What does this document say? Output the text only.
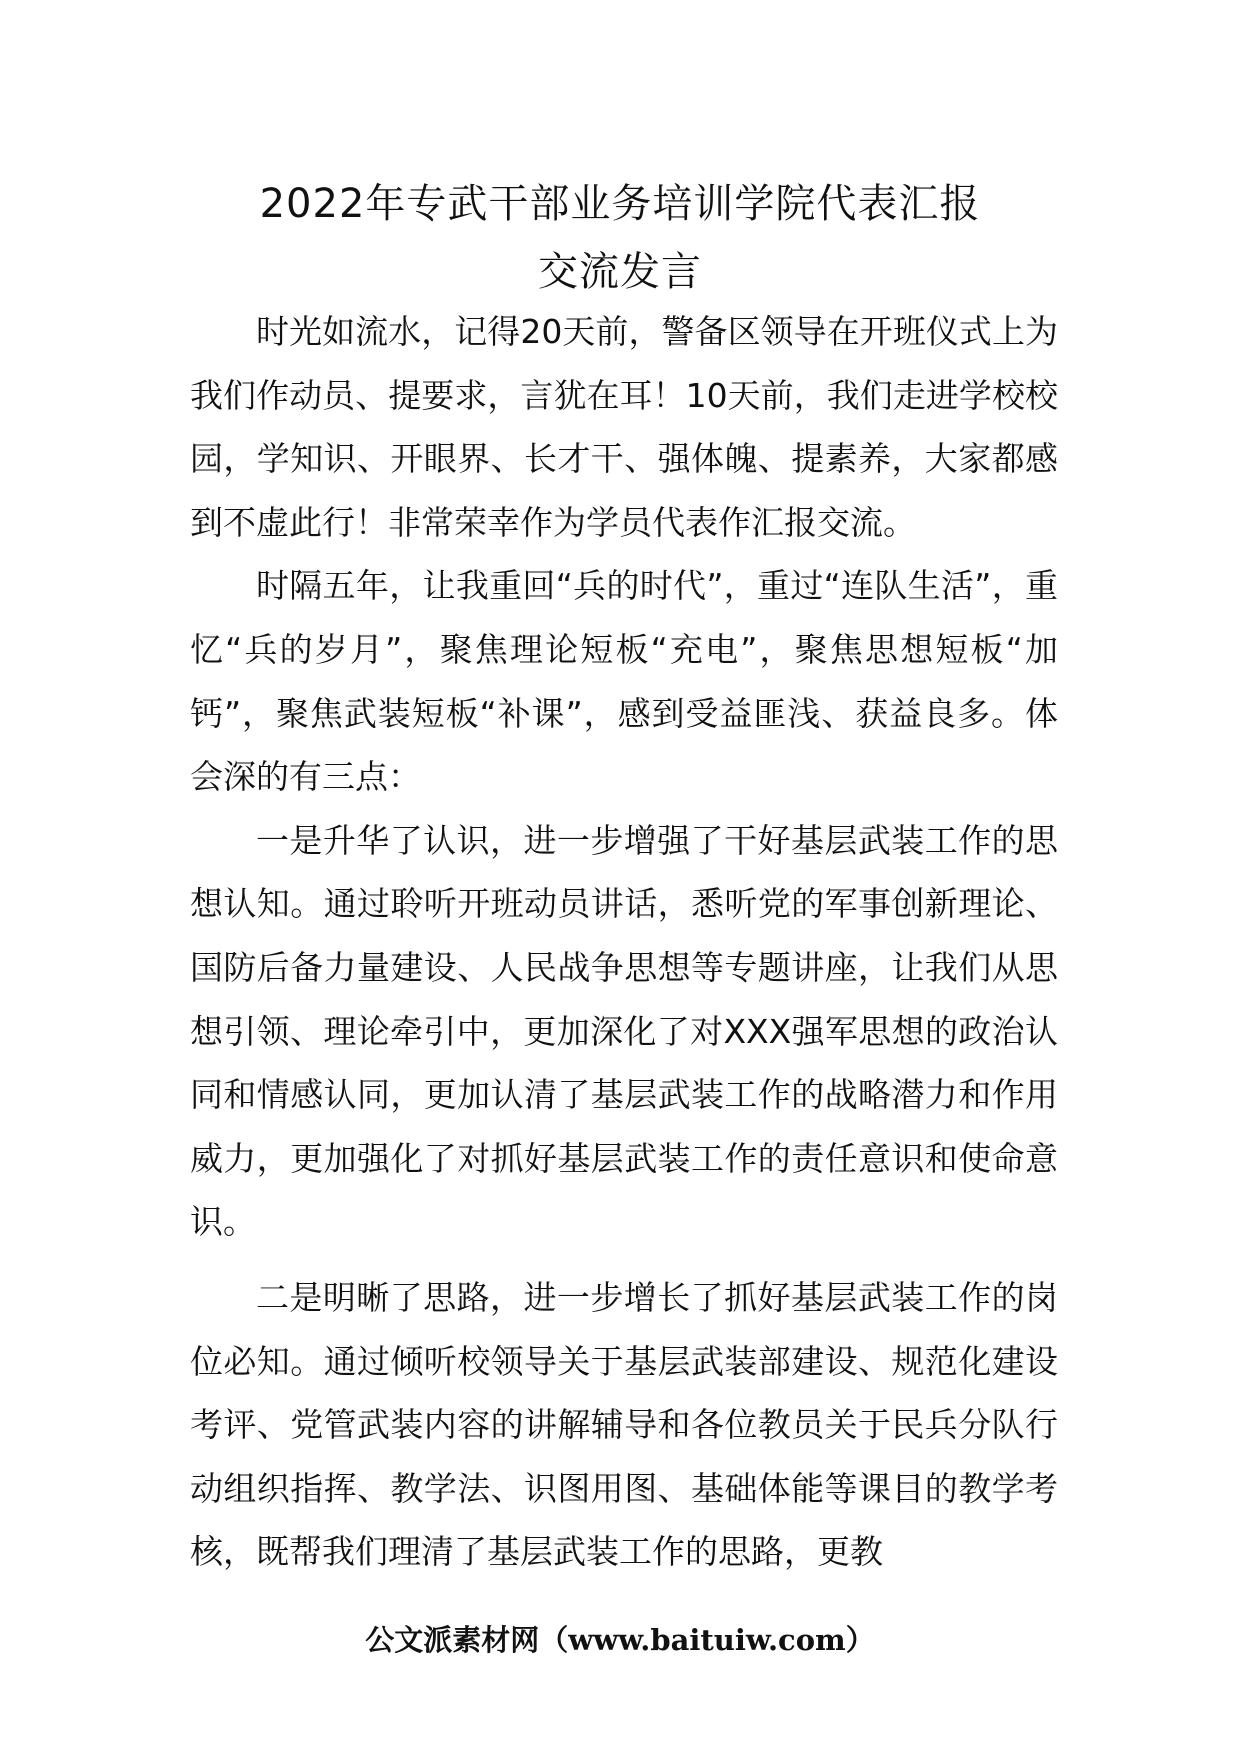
2022年专武干部业务培训学院代表汇报
交流发言

时光如流水，记得20天前，警备区领导在开班仪式上为我们作动员、提要求，言犹在耳！10天前，我们走进学校校园，学知识、开眼界、长才干、强体魄、提素养，大家都感到不虚此行！非常荣幸作为学员代表作汇报交流。

时隔五年，让我重回“兵的时代”，重过“连队生活”，重忆“兵的岁月”，聚焦理论短板“充电”，聚焦思想短板“加钙”，聚焦武装短板“补课”，感到受益匪浅、获益良多。体会深的有三点：

一是升华了认识，进一步增强了干好基层武装工作的思想认知。通过聆听开班动员讲话，悉听党的军事创新理论、国防后备力量建设、人民战争思想等专题讲座，让我们从思想引领、理论牵引中，更加深化了对XXX强军思想的政治认同和情感认同，更加认清了基层武装工作的战略潜力和作用威力，更加强化了对抓好基层武装工作的责任意识和使命意识。

二是明晰了思路，进一步增长了抓好基层武装工作的岗位必知。通过倾听校领导关于基层武装部建设、规范化建设考评、党管武装内容的讲解辅导和各位教员关于民兵分队行动组织指挥、教学法、识图用图、基础体能等课目的教学考核，既帮我们理清了基层武装工作的思路，更教

公文派素材网（www.baituiw.com）
